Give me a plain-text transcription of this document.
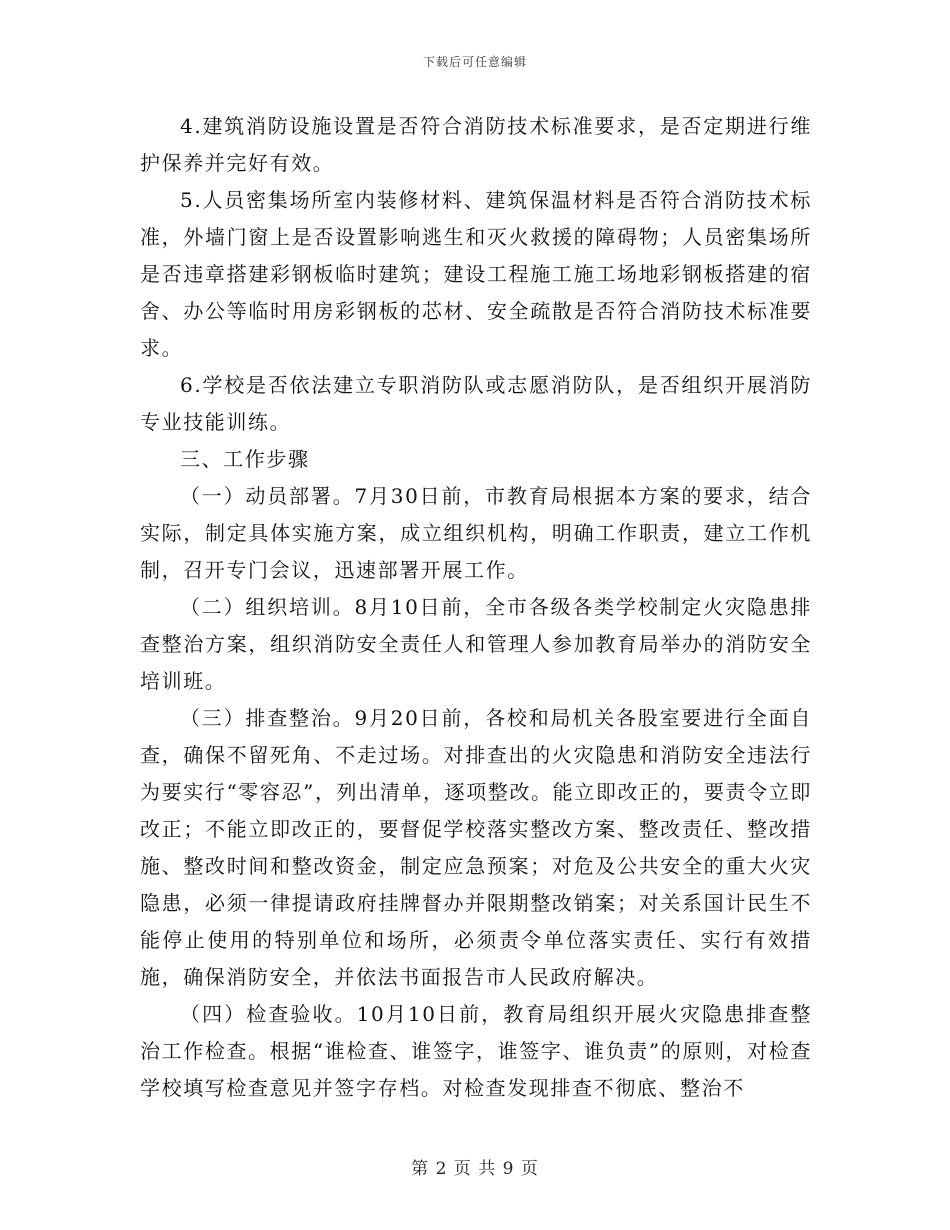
下载后可任意编辑

4.建筑消防设施设置是否符合消防技术标准要求，是否定期进行维护保养并完好有效。

5.人员密集场所室内装修材料、建筑保温材料是否符合消防技术标准，外墙门窗上是否设置影响逃生和灭火救援的障碍物；人员密集场所是否违章搭建彩钢板临时建筑；建设工程施工施工场地彩钢板搭建的宿舍、办公等临时用房彩钢板的芯材、安全疏散是否符合消防技术标准要求。

6.学校是否依法建立专职消防队或志愿消防队，是否组织开展消防专业技能训练。

三、工作步骤

（一）动员部署。7月30日前，市教育局根据本方案的要求，结合实际，制定具体实施方案，成立组织机构，明确工作职责，建立工作机制，召开专门会议，迅速部署开展工作。

（二）组织培训。8月10日前，全市各级各类学校制定火灾隐患排查整治方案，组织消防安全责任人和管理人参加教育局举办的消防安全培训班。

（三）排查整治。9月20日前，各校和局机关各股室要进行全面自查，确保不留死角、不走过场。对排查出的火灾隐患和消防安全违法行为要实行“零容忍”，列出清单，逐项整改。能立即改正的，要责令立即改正；不能立即改正的，要督促学校落实整改方案、整改责任、整改措施、整改时间和整改资金，制定应急预案；对危及公共安全的重大火灾隐患，必须一律提请政府挂牌督办并限期整改销案；对关系国计民生不能停止使用的特别单位和场所，必须责令单位落实责任、实行有效措施，确保消防安全，并依法书面报告市人民政府解决。

（四）检查验收。10月10日前，教育局组织开展火灾隐患排查整治工作检查。根据“谁检查、谁签字，谁签字、谁负责”的原则，对检查学校填写检查意见并签字存档。对检查发现排查不彻底、整治不

第 2 页 共 9 页
